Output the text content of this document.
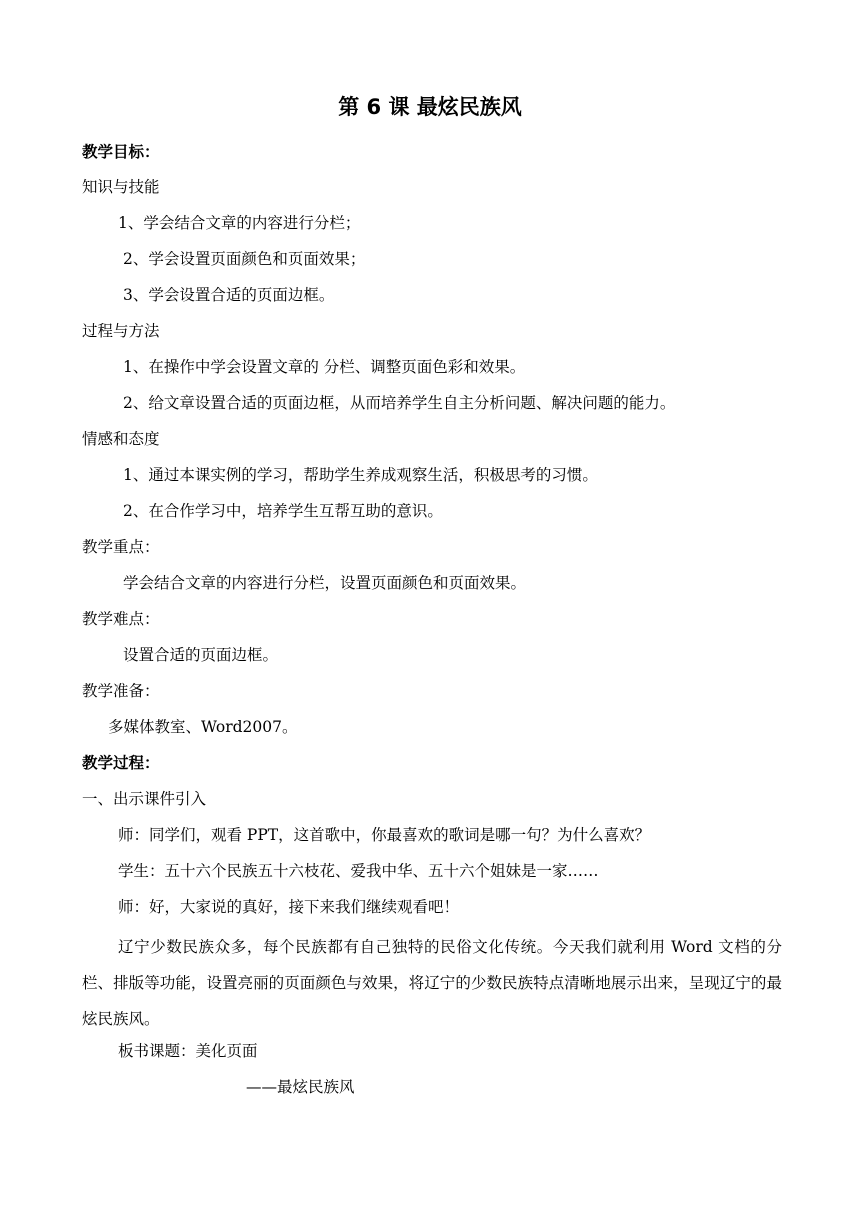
第 6 课 最炫民族风
教学目标：
知识与技能
1、学会结合文章的内容进行分栏；
2、学会设置页面颜色和页面效果；
3、学会设置合适的页面边框。
过程与方法
1、在操作中学会设置文章的 分栏、调整页面色彩和效果。
2、给文章设置合适的页面边框，从而培养学生自主分析问题、解决问题的能力。
情感和态度
1、通过本课实例的学习，帮助学生养成观察生活，积极思考的习惯。
2、在合作学习中，培养学生互帮互助的意识。
教学重点：
学会结合文章的内容进行分栏，设置页面颜色和页面效果。
教学难点：
设置合适的页面边框。
教学准备：
多媒体教室、Word2007。
教学过程：
一、出示课件引入
师：同学们，观看 PPT，这首歌中，你最喜欢的歌词是哪一句？为什么喜欢？
学生：五十六个民族五十六枝花、爱我中华、五十六个姐妹是一家……
师：好，大家说的真好，接下来我们继续观看吧！
辽宁少数民族众多，每个民族都有自己独特的民俗文化传统。今天我们就利用 Word 文档的分栏、排版等功能，设置亮丽的页面颜色与效果，将辽宁的少数民族特点清晰地展示出来，呈现辽宁的最炫民族风。
板书课题：美化页面
——最炫民族风
